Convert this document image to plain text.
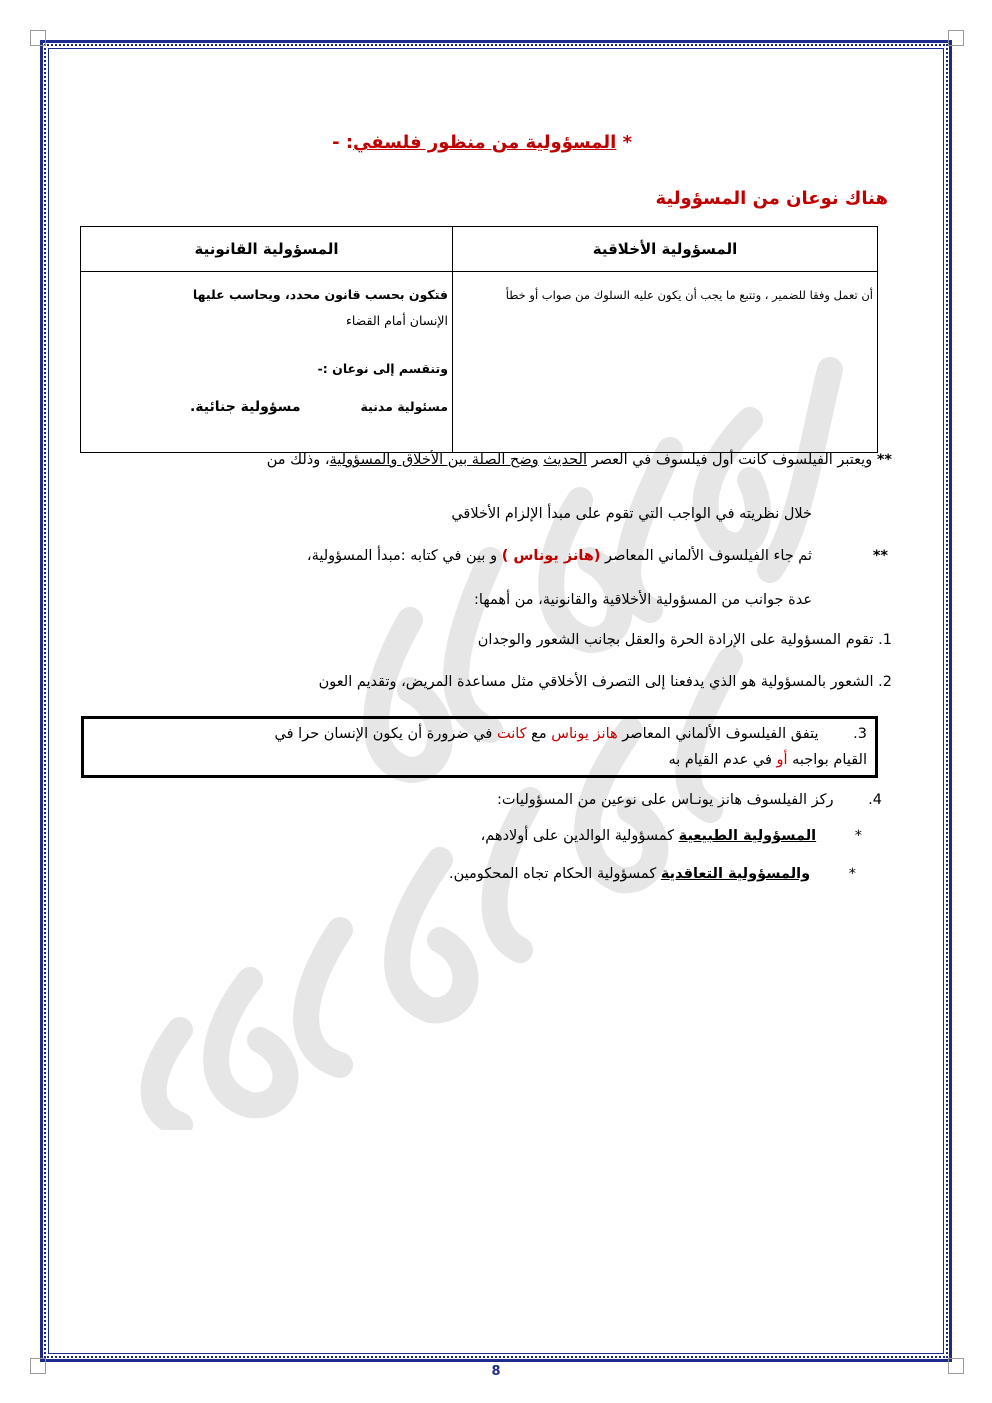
* المسؤولية من منظور فلسفي: -
هناك نوعان من المسؤولية
المسؤولية الأخلاقية	المسؤولية القانونية

أن تعمل وفقا للضمير ، وتتبع ما يجب أن يكون عليه السلوك من صواب أو خطأ	فتكون بحسب قانون محدد، ويحاسب عليها

الإنسان أمام القضاء

وتنقسم إلى نوعان :-

مسئولية مدنية
مسؤولية جنائية.
** ويعتبر الفيلسوف كانت أول فيلسوف في العصر الحديث وضح الصلة بين الأخلاق والمسؤولية، وذلك من
خلال نظريته في الواجب التي تقوم على مبدأ الإلزام الأخلاقي
ثم جاء الفيلسوف الألماني المعاصر (هانز يوناس ) و بين في كتابه :مبدأ المسؤولية،	**
عدة جوانب من المسؤولية الأخلاقية والقانونية، من أهمها:
1. تقوم المسؤولية على الإرادة الحرة والعقل بجانب الشعور والوجدان
2. الشعور بالمسؤولية هو الذي يدفعنا إلى التصرف الأخلاقي مثل مساعدة المريض، وتقديم العون
3. يتفق الفيلسوف الألماني المعاصر هانز يوناس مع كانت في ضرورة أن يكون الإنسان حرا في
القيام بواجبه أو في عدم القيام به
4. ركز الفيلسوف هانز يونـاس على نوعين من المسؤوليات:
* المسؤولية الطبيعية كمسؤولية الوالدين على أولادهم،
* والمسؤولية التعاقدية كمسؤولية الحكام تجاه المحكومين.
8
